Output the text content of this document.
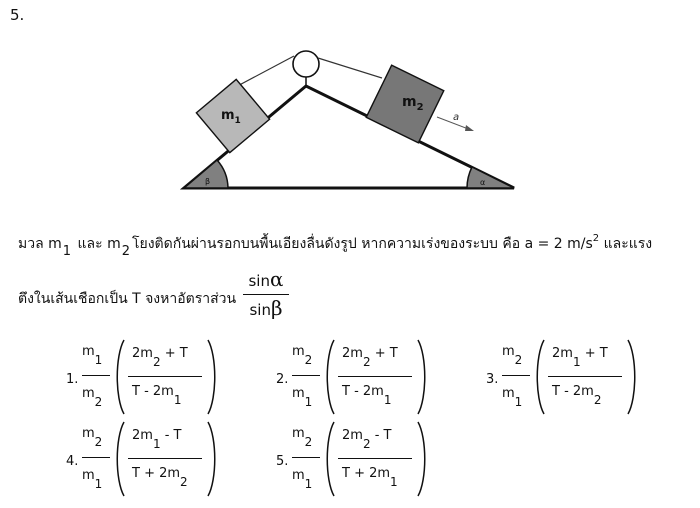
5.
β	α
$m_1$
$m_2$
a
มวล m1 และ m2 โยงติดกันผ่านรอกบนพื้นเอียงลื่นดังรูป หากความเร่งของระบบ คือ a = 2 $m/s^2$ และแรง
ตึงในเส้นเชือกเป็น T จงหาอัตราส่วน
sinα
sinβ
1.
m1
m2
2m2 + T
T - 2m1
2.
m2
m1
2m2 + T
T - 2m1
3.
m2
m1
2m1 + T
T - 2m2
4.
m2
m1
2m1 - T
T + 2m2
5.
m2
m1
2m2 - T
T + 2m1
